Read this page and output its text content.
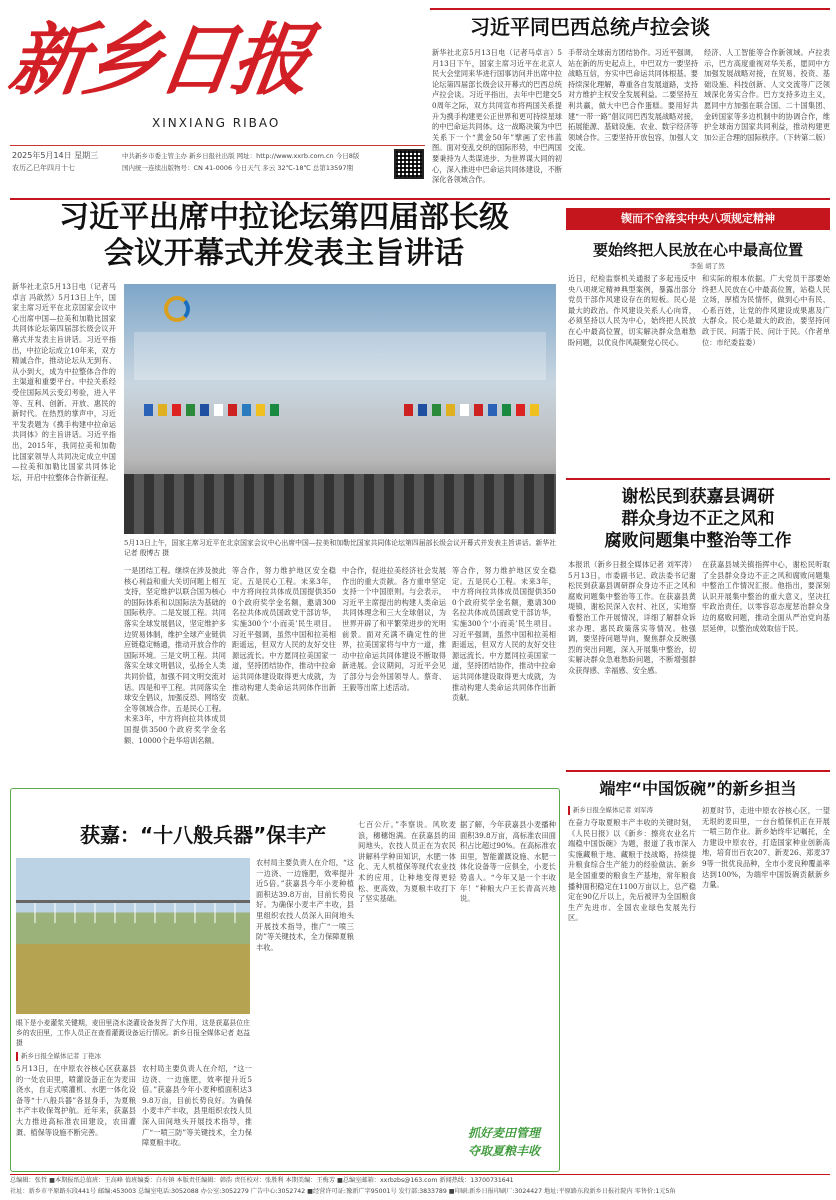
新乡日报
XINXIANG RIBAO
2025年5月14日 星期三
农历乙巳年四月十七
中共新乡市委主管主办 新乡日报社出版 网址：http://www.xxrb.com.cn 今日8版
国内统一连续出版物号：CN 41-0006 今日天气 多云 32℃-18℃ 总第13597期
习近平同巴西总统卢拉会谈
新华社北京5月13日电（记者马卓言）5月13日下午，国家主席习近平在北京人民大会堂同来华进行国事访问并出席中拉论坛第四届部长级会议开幕式的巴西总统卢拉会谈。习近平指出，去年中巴建交50周年之际，双方共同宣布将两国关系提升为携手构建更公正世界和更可持续星球的中巴命运共同体。这一战略决策为中巴关系下一个“黄金50年”擘画了宏伟蓝图。面对变乱交织的国际形势，中巴两国要秉持为人类谋进步、为世界谋大同的初心，深入推进中巴命运共同体建设，不断深化各领域合作。
手带动全球南方团结协作。习近平强调，站在新的历史起点上，中巴双方一要坚持战略互信，夯实中巴命运共同体根基。要持续深化理解，尊重各自发展道路，支持对方维护主权安全发展利益。二要坚持互利共赢，做大中巴合作蛋糕。要用好共建“一带一路”倡议同巴西发展战略对接，拓展能源、基础设施、农业、数字经济等领域合作。三要坚持开放包容，加强人文交流。
经济、人工智能等合作新领域。卢拉表示，巴方高度重视对华关系，愿同中方加强发展战略对接，在贸易、投资、基础设施、科技创新、人文交流等广泛领域深化务实合作。巴方支持多边主义，愿同中方加强在联合国、二十国集团、金砖国家等多边机制中的协调合作，维护全球南方国家共同利益，推动构建更加公正合理的国际秩序。（下转第二版）
习近平出席中拉论坛第四届部长级
会议开幕式并发表主旨讲话
新华社北京5月13日电（记者马卓言 冯歆然）5月13日上午，国家主席习近平在北京国家会议中心出席中国—拉美和加勒比国家共同体论坛第四届部长级会议开幕式并发表主旨讲话。习近平指出，中拉论坛成立10年来，双方精诚合作，推动论坛从无到有、从小到大，成为中拉整体合作的主渠道和重要平台。中拉关系经受住国际风云变幻考验，进入平等、互利、创新、开放、惠民的新时代。在热烈的掌声中，习近平发表题为《携手构建中拉命运共同体》的主旨讲话。习近平指出，2015年，我同拉美和加勒比国家领导人共同决定成立中国—拉美和加勒比国家共同体论坛，开启中拉整体合作新征程。
5月13日上午，国家主席习近平在北京国家会议中心出席中国—拉美和加勒比国家共同体论坛第四届部长级会议开幕式并发表主旨讲话。新华社记者 殷博古 摄
一是团结工程。继续在涉及彼此核心利益和重大关切问题上相互支持，坚定维护以联合国为核心的国际体系和以国际法为基础的国际秩序。二是发展工程。共同落实全球发展倡议，坚定维护多边贸易体制，维护全球产业链供应链稳定畅通，推动开放合作的国际环境。三是文明工程。共同落实全球文明倡议，弘扬全人类共同价值，加强不同文明交流对话。四是和平工程。共同落实全球安全倡议，加强反恐、网络安全等领域合作。五是民心工程。未来3年，中方将向拉共体成员国提供3500个政府奖学金名额、10000个赴华培训名额。
等合作，努力维护地区安全稳定。五是民心工程。未来3年，中方将向拉共体成员国提供3500个政府奖学金名额，邀请300名拉共体成员国政党干部访华，实施300个‘小而美’民生项目。习近平强调，虽然中国和拉美相距遥远，但双方人民的友好交往源远流长。中方愿同拉美国家一道，坚持团结协作，推动中拉命运共同体建设取得更大成就，为推动构建人类命运共同体作出新贡献。
中合作，促进拉美经济社会发展作出的重大贡献。各方重申坚定支持一个中国原则。与会表示，习近平主席提出的构建人类命运共同体理念和三大全球倡议，为世界开辟了和平繁荣进步的光明前景。面对充满不确定性的世界，拉美国家将与中方一道，推动中拉命运共同体建设不断取得新进展。会议期间，习近平会见了部分与会外国领导人。蔡奇、王毅等出席上述活动。
等合作，努力维护地区安全稳定。五是民心工程。未来3年，中方将向拉共体成员国提供3500个政府奖学金名额，邀请300名拉共体成员国政党干部访华，实施300个‘小而美’民生项目。习近平强调，虽然中国和拉美相距遥远，但双方人民的友好交往源远流长。中方愿同拉美国家一道，坚持团结协作，推动中拉命运共同体建设取得更大成就，为推动构建人类命运共同体作出新贡献。
锲而不舍落实中央八项规定精神
要始终把人民放在心中最高位置
李强 胡了然
近日，纪检监察机关通报了多起违反中央八项规定精神典型案例，暴露出部分党员干部作风建设存在的短板。民心是最大的政治。作风建设关系人心向背，必须坚持以人民为中心，始终把人民放在心中最高位置，切实解决群众急难愁盼问题，以优良作风凝聚党心民心。
和实际的根本依据。广大党员干部要始终把人民放在心中最高位置，站稳人民立场，厚植为民情怀，做到心中有民、心系百姓，让党的作风建设成果惠及广大群众。民心是最大的政治，要坚持问政于民、问需于民、问计于民。（作者单位：市纪委监委）
谢松民到获嘉县调研
群众身边不正之风和
腐败问题集中整治等工作
本报讯（新乡日报全媒体记者 刘军涛）5月13日，市委副书记、政法委书记谢松民到获嘉县调研群众身边不正之风和腐败问题集中整治等工作。在获嘉县黄堤镇，谢松民深入农村、社区，实地察看整治工作开展情况，详细了解群众诉求办理、惠民政策落实等情况。他强调，要坚持问题导向，聚焦群众反映强烈的突出问题，深入开展集中整治，切实解决群众急难愁盼问题，不断增强群众获得感、幸福感、安全感。
在获嘉县城关镇指挥中心，谢松民听取了全县群众身边不正之风和腐败问题集中整治工作情况汇报。他指出，要深刻认识开展集中整治的重大意义，坚决扛牢政治责任，以零容忍态度惩治群众身边的腐败问题，推动全面从严治党向基层延伸，以整治成效取信于民。
端牢“中国饭碗”的新乡担当
新乡日报全媒体记者 刘军涛
在奋力夺取夏粮丰产丰收的关键时刻，《人民日报》以《新乡：擦亮农业名片 端稳中国饭碗》为题，报道了我市深入实施藏粮于地、藏粮于技战略，持续提升粮食综合生产能力的经验做法。新乡是全国重要的粮食生产基地，常年粮食播种面积稳定在1100万亩以上，总产稳定在90亿斤以上，先后被评为全国粮食生产先进市、全国农业绿色发展先行区。
初夏时节，走进中原农谷核心区，一望无垠的麦田里，一台台植保机正在开展一喷三防作业。新乡始终牢记嘱托，全力建设中原农谷，打造国家种业创新高地，培育出百农207、新麦26、郑麦379等一批优良品种，全市小麦良种覆盖率达到100%，为端牢中国饭碗贡献新乡力量。
获嘉：“十八般兵器”保丰产
眼下是小麦灌浆关键期，麦田里浇水浇灌设备发挥了大作用，这是获嘉县位庄乡的农田里，工作人员正在查看灌溉设备运行情况。新乡日报全媒体记者 赵益 摄
新乡日报全媒体记者 丁艳冰
5月13日，在中原农谷核心区获嘉县的一处农田里，喷灌设备正在为麦田浇水，自走式喷灌机、水肥一体化设备等“十八般兵器”各显身手，为夏粮丰产丰收保驾护航。近年来，获嘉县大力推进高标准农田建设，农田灌溉、植保等设施不断完善。
农村局主要负责人在介绍，“这一边浇、一边施肥，效率提升近5倍。”获嘉县今年小麦种植面积达39.8万亩，目前长势良好。为确保小麦丰产丰收，县里组织农技人员深入田间地头开展技术指导，推广“一喷三防”等关键技术，全力保障夏粮丰收。
农村局主要负责人在介绍，“这一边浇、一边施肥，效率提升近5倍。”获嘉县今年小麦种植面积达39.8万亩，目前长势良好。为确保小麦丰产丰收，县里组织农技人员深入田间地头开展技术指导，推广“一喷三防”等关键技术，全力保障夏粮丰收。
七百公斤。”李察说。风吹麦浪，穗穗饱满。在获嘉县的田间地头，农技人员正在为农民讲解科学种田知识，水肥一体化、无人机植保等现代农业技术的应用，让种地变得更轻松、更高效，为夏粮丰收打下了坚实基础。
据了解，今年获嘉县小麦播种面积39.8万亩，高标准农田面积占比超过90%。在高标准农田里，智能灌溉设施、水肥一体化设备等一应俱全，小麦长势喜人。“今年又是一个丰收年！”种粮大户王长青高兴地说。
抓好麦田管理
夺取夏粮丰收
总编辑：张哲 ■本期报纸总值班：王高峰 值班编委：白有镇 本版责任编辑：韩浩 责任校对：张胜利 本期美编：王梅芳 ■总编室邮箱：xxrbzbs@163.com 新闻热线：13700731641
社址：新乡市平原路东段441号 邮编:453003 总编室电话:3052088 办公室:3052279 广告中心:3052742 ■经营许可证:豫新广字95001号 发行部:3833789 ■印刷:新乡日报印刷厂:3024427 地址:平原路东段新乡日报社院内 零售价:1元5角
